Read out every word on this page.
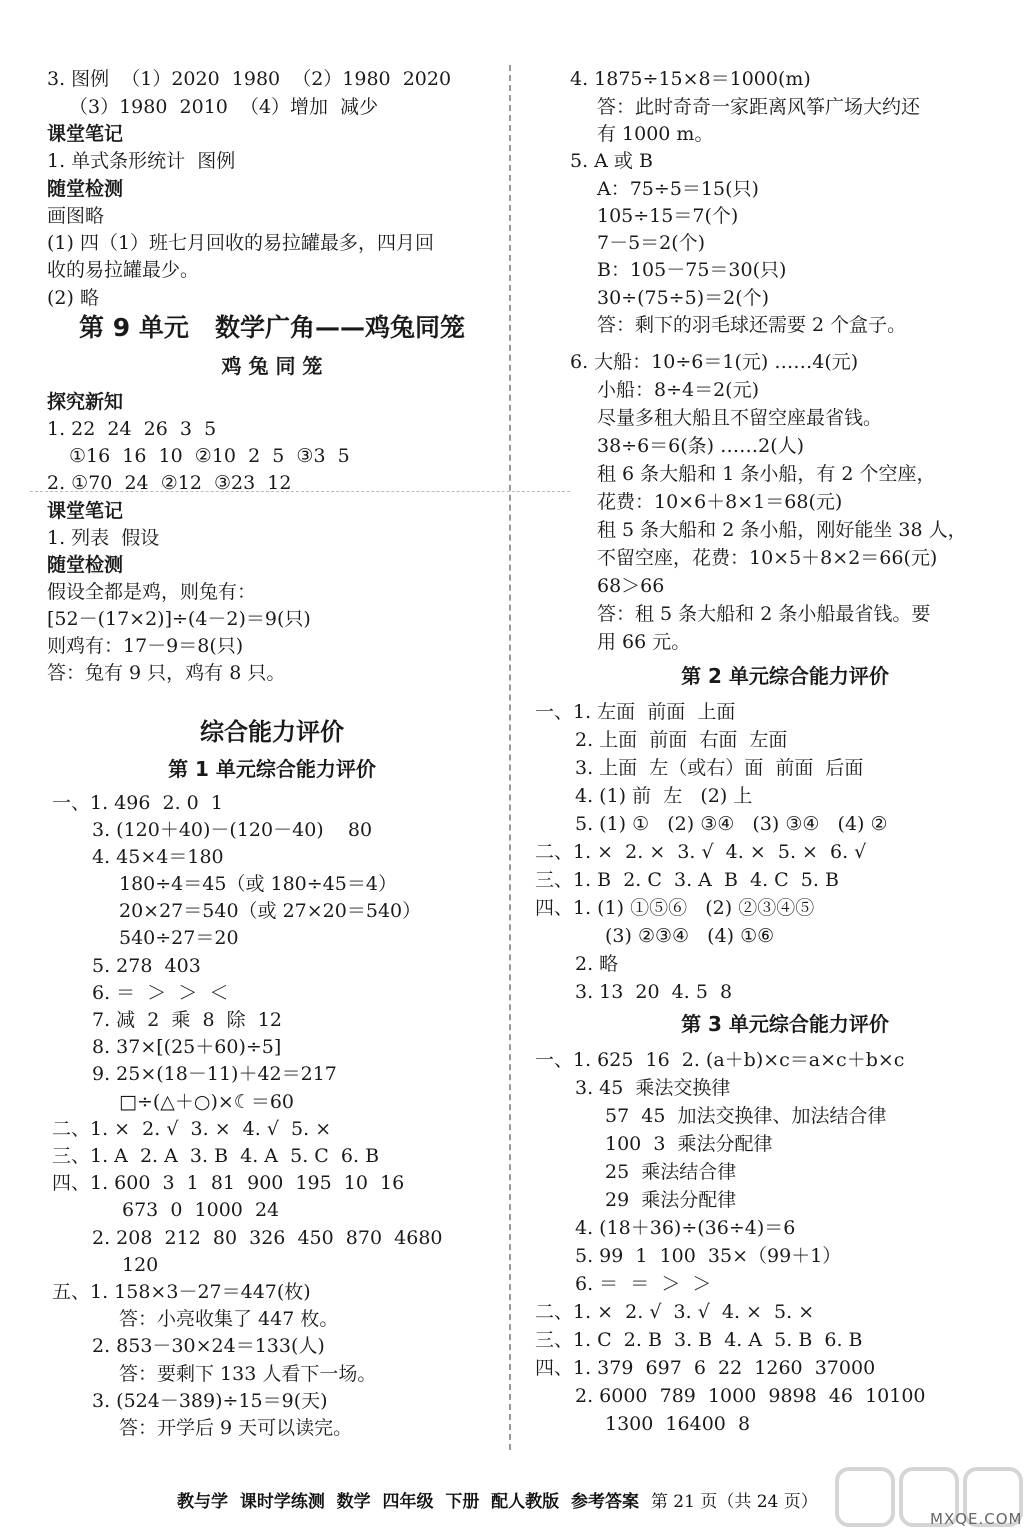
3. 图例  （1）2020  1980  （2）1980  2020
（3）1980  2010  （4）增加  减少
课堂笔记
1. 单式条形统计  图例
随堂检测
画图略
(1) 四（1）班七月回收的易拉罐最多，四月回
收的易拉罐最少。
(2) 略
探究新知
1. 22  24  26  3  5
①16  16  10  ②10  2  5  ③3  5
2. ①70  24  ②12  ③23  12
课堂笔记
1. 列表  假设
随堂检测
假设全都是鸡，则兔有：
[52－(17×2)]÷(4－2)＝9(只)
则鸡有：17－9＝8(只)
答：兔有 9 只，鸡有 8 只。
一、1. 496  2. 0  1
3. (120＋40)－(120－40)    80
4. 45×4＝180
180÷4＝45（或 180÷45＝4）
20×27＝540（或 27×20＝540）
540÷27＝20
5. 278  403
6. ＝  ＞  ＞  ＜
7. 减  2  乘  8  除  12
8. 37×[(25＋60)÷5]
9. 25×(18－11)＋42＝217
□÷(△＋○)×☾＝60
二、1. ×  2. √  3. ×  4. √  5. ×
三、1. A  2. A  3. B  4. A  5. C  6. B
四、1. 600  3  1  81  900  195  10  16
673  0  1000  24
2. 208  212  80  326  450  870  4680
120
五、1. 158×3－27＝447(枚)
答：小亮收集了 447 枚。
2. 853－30×24＝133(人)
答：要剩下 133 人看下一场。
3. (524－389)÷15＝9(天)
答：开学后 9 天可以读完。
4. 1875÷15×8＝1000(m)
答：此时奇奇一家距离风筝广场大约还
有 1000 m。
5. A 或 B
A：75÷5＝15(只)
105÷15＝7(个)
7－5＝2(个)
B：105－75＝30(只)
30÷(75÷5)＝2(个)
答：剩下的羽毛球还需要 2 个盒子。
6. 大船：10÷6＝1(元) ……4(元)
小船：8÷4＝2(元)
尽量多租大船且不留空座最省钱。
38÷6＝6(条) ……2(人)
租 6 条大船和 1 条小船，有 2 个空座，
花费：10×6＋8×1＝68(元)
租 5 条大船和 2 条小船，刚好能坐 38 人，
不留空座，花费：10×5＋8×2＝66(元)
68＞66
答：租 5 条大船和 2 条小船最省钱。要
用 66 元。
一、1. 左面  前面  上面
2. 上面  前面  右面  左面
3. 上面  左（或右）面  前面  后面
4. (1) 前  左   (2) 上
5. (1) ①   (2) ③④   (3) ③④   (4) ②
二、1. ×  2. ×  3. √  4. ×  5. ×  6. √
三、1. B  2. C  3. A  B  4. C  5. B
四、1. (1) ①⑤⑥   (2) ②③④⑤
(3) ②③④   (4) ①⑥
2. 略
3. 13  20  4. 5  8
一、1. 625  16  2. (a＋b)×c＝a×c＋b×c
3. 45  乘法交换律
57  45  加法交换律、加法结合律
100  3  乘法分配律
25  乘法结合律
29  乘法分配律
4. (18＋36)÷(36÷4)＝6
5. 99  1  100  35×（99＋1）
6. ＝  ＝  ＞  ＞
二、1. ×  2. √  3. √  4. ×  5. ×
三、1. C  2. B  3. B  4. A  5. B  6. B
四、1. 379  697  6  22  1260  37000
2. 6000  789  1000  9898  46  10100
1300  16400  8
第 9 单元   数学广角——鸡兔同笼
鸡 兔 同 笼
综合能力评价
第 1 单元综合能力评价
第 2 单元综合能力评价
第 3 单元综合能力评价
教与学  课时学练测  数学  四年级  下册  配人教版  参考答案 第 21 页（共 24 页）
MXQE.COM
